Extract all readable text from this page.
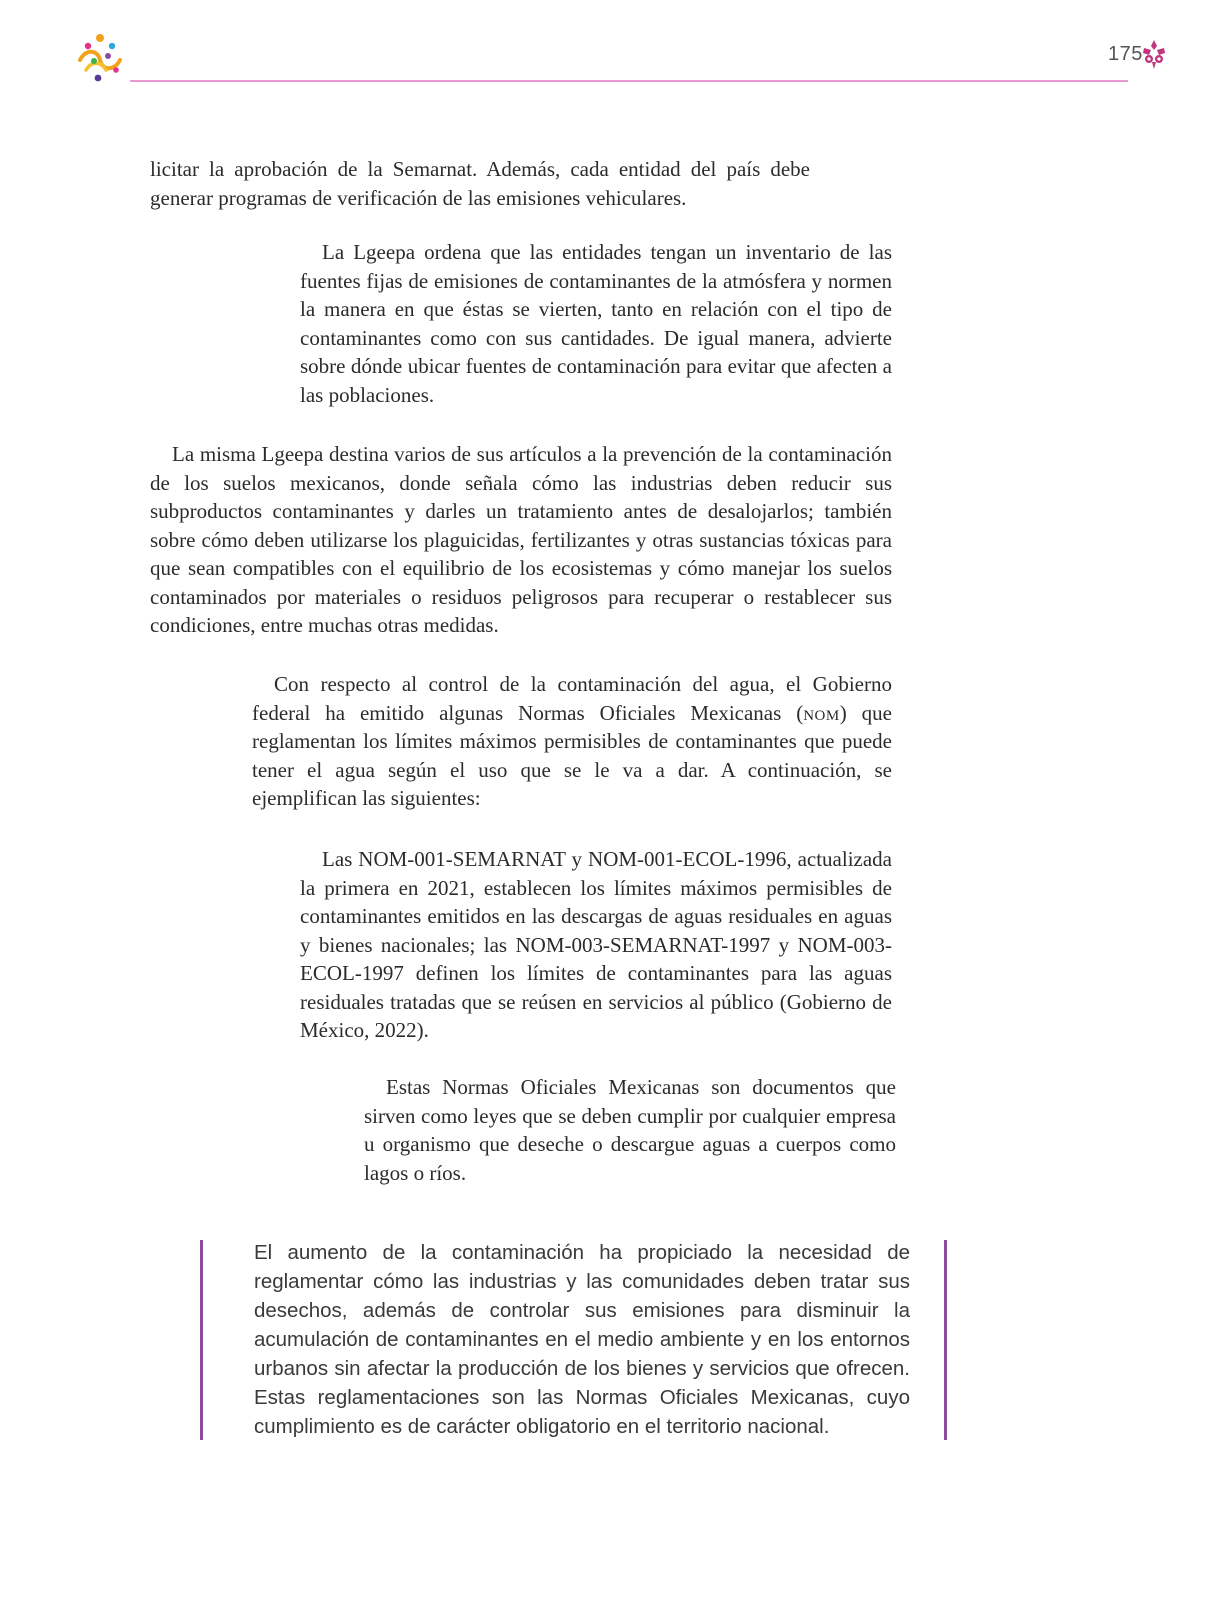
175

licitar la aprobación de la Semarnat. Además, cada entidad del país debe generar programas de verificación de las emisiones vehiculares.

La Lgeepa ordena que las entidades tengan un inventario de las fuentes fijas de emisiones de contaminantes de la atmósfera y normen la manera en que éstas se vierten, tanto en relación con el tipo de contaminantes como con sus cantidades. De igual manera, advierte sobre dónde ubicar fuentes de contaminación para evitar que afecten a las poblaciones.

La misma Lgeepa destina varios de sus artículos a la prevención de la contaminación de los suelos mexicanos, donde señala cómo las industrias deben reducir sus subproductos contaminantes y darles un tratamiento antes de desalojarlos; también sobre cómo deben utilizarse los plaguicidas, fertilizantes y otras sustancias tóxicas para que sean compatibles con el equilibrio de los ecosistemas y cómo manejar los suelos contaminados por materiales o residuos peligrosos para recuperar o restablecer sus condiciones, entre muchas otras medidas.

Con respecto al control de la contaminación del agua, el Gobierno federal ha emitido algunas Normas Oficiales Mexicanas (nom) que reglamentan los límites máximos permisibles de contaminantes que puede tener el agua según el uso que se le va a dar. A continuación, se ejemplifican las siguientes:

Las NOM-001-SEMARNAT y NOM-001-ECOL-1996, actualizada la primera en 2021, establecen los límites máximos permisibles de contaminantes emitidos en las descargas de aguas residuales en aguas y bienes nacionales; las NOM-003-SEMARNAT-1997 y NOM-003-ECOL-1997 definen los límites de contaminantes para las aguas residuales tratadas que se reúsen en servicios al público (Gobierno de México, 2022).

Estas Normas Oficiales Mexicanas son documentos que sirven como leyes que se deben cumplir por cualquier empresa u organismo que deseche o descargue aguas a cuerpos como lagos o ríos.

El aumento de la contaminación ha propiciado la necesidad de reglamentar cómo las industrias y las comunidades deben tratar sus desechos, además de controlar sus emisiones para disminuir la acumulación de contaminantes en el medio ambiente y en los entornos urbanos sin afectar la producción de los bienes y servicios que ofrecen. Estas reglamentaciones son las Normas Oficiales Mexicanas, cuyo cumplimiento es de carácter obligatorio en el territorio nacional.
